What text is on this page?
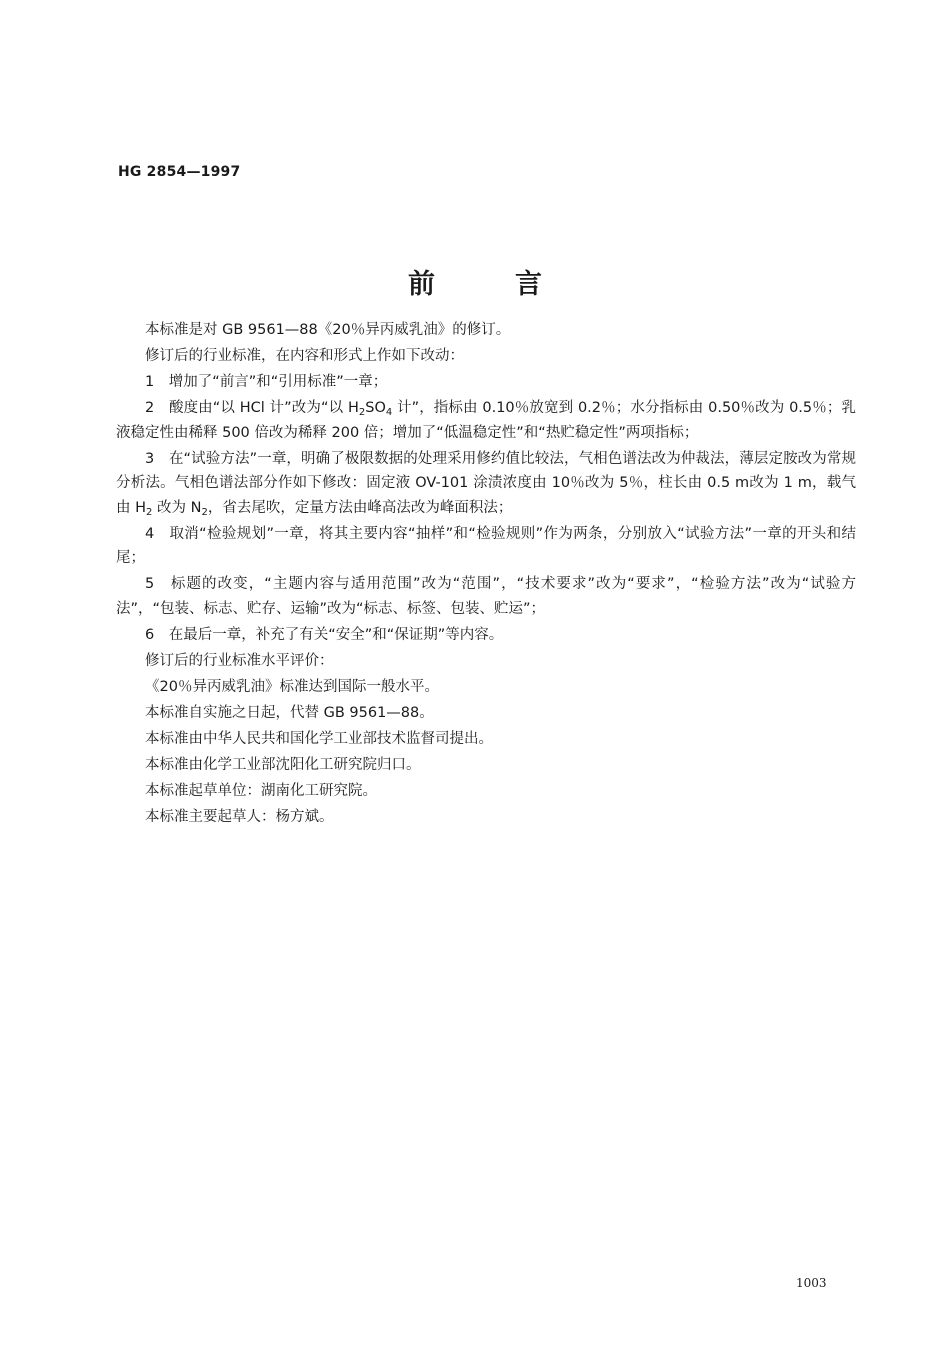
HG 2854—1997
前言

本标准是对 GB 9561—88《20％异丙威乳油》的修订。

修订后的行业标准，在内容和形式上作如下改动：

1　增加了“前言”和“引用标准”一章；

2　酸度由“以 HCl 计”改为“以 $H_2SO_4$ 计”，指标由 0.10％放宽到 0.2％；水分指标由 0.50％改为 0.5％；乳液稳定性由稀释 500 倍改为稀释 200 倍；增加了“低温稳定性”和“热贮稳定性”两项指标；

3　在“试验方法”一章，明确了极限数据的处理采用修约值比较法，气相色谱法改为仲裁法，薄层定胺改为常规分析法。气相色谱法部分作如下修改：固定液 OV-101 涂渍浓度由 10％改为 5％，柱长由 0.5 m改为 1 m，载气由 $H_2$ 改为 $N_2$，省去尾吹，定量方法由峰高法改为峰面积法；

4　取消“检验规划”一章，将其主要内容“抽样”和“检验规则”作为两条，分别放入“试验方法”一章的开头和结尾；

5　标题的改变，“主题内容与适用范围”改为“范围”，“技术要求”改为“要求”，“检验方法”改为“试验方法”，“包装、标志、贮存、运输”改为“标志、标签、包装、贮运”；

6　在最后一章，补充了有关“安全”和“保证期”等内容。

修订后的行业标准水平评价：

《20％异丙威乳油》标准达到国际一般水平。

本标准自实施之日起，代替 GB 9561—88。

本标准由中华人民共和国化学工业部技术监督司提出。

本标准由化学工业部沈阳化工研究院归口。

本标准起草单位：湖南化工研究院。

本标准主要起草人：杨方斌。

1003
